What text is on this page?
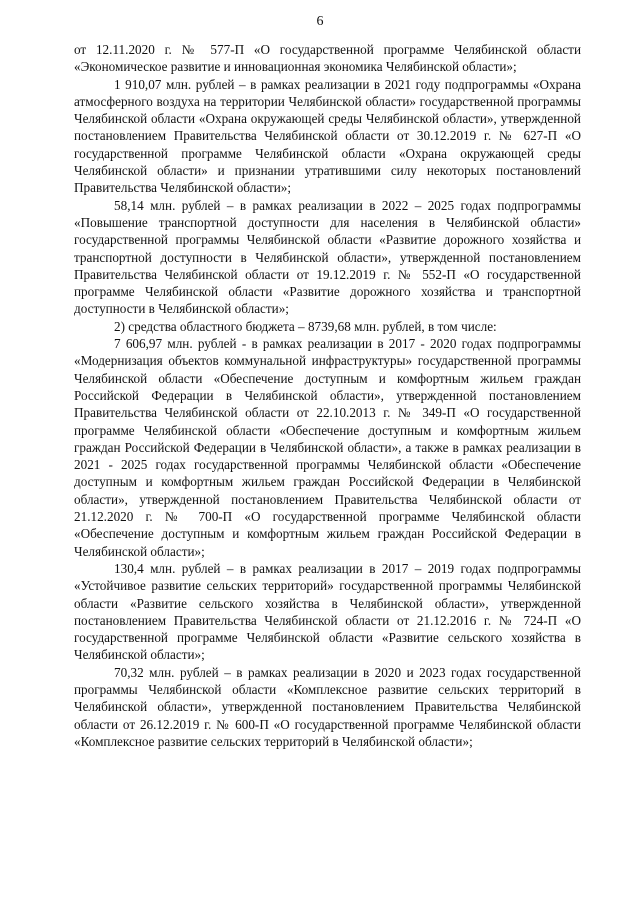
6

от 12.11.2020 г. № 577-П «О государственной программе Челябинской области «Экономическое развитие и инновационная экономика Челябинской области»;

1 910,07 млн. рублей – в рамках реализации в 2021 году подпрограммы «Охрана атмосферного воздуха на территории Челябинской области» государственной программы Челябинской области «Охрана окружающей среды Челябинской области», утвержденной постановлением Правительства Челябинской области от 30.12.2019 г. № 627-П «О государственной программе Челябинской области «Охрана окружающей среды Челябинской области» и признании утратившими силу некоторых постановлений Правительства Челябинской области»;

58,14 млн. рублей – в рамках реализации в 2022 – 2025 годах подпрограммы «Повышение транспортной доступности для населения в Челябинской области» государственной программы Челябинской области «Развитие дорожного хозяйства и транспортной доступности в Челябинской области», утвержденной постановлением Правительства Челябинской области от 19.12.2019 г. № 552-П «О государственной программе Челябинской области «Развитие дорожного хозяйства и транспортной доступности в Челябинской области»;

2) средства областного бюджета – 8739,68 млн. рублей, в том числе:

7 606,97 млн. рублей - в рамках реализации в 2017 - 2020 годах подпрограммы «Модернизация объектов коммунальной инфраструктуры» государственной программы Челябинской области «Обеспечение доступным и комфортным жильем граждан Российской Федерации в Челябинской области», утвержденной постановлением Правительства Челябинской области от 22.10.2013 г. № 349-П «О государственной программе Челябинской области «Обеспечение доступным и комфортным жильем граждан Российской Федерации в Челябинской области», а также в рамках реализации в 2021 - 2025 годах государственной программы Челябинской области «Обеспечение доступным и комфортным жильем граждан Российской Федерации в Челябинской области», утвержденной постановлением Правительства Челябинской области от 21.12.2020 г. № 700-П «О государственной программе Челябинской области «Обеспечение доступным и комфортным жильем граждан Российской Федерации в Челябинской области»;

130,4 млн. рублей – в рамках реализации в 2017 – 2019 годах подпрограммы «Устойчивое развитие сельских территорий» государственной программы Челябинской области «Развитие сельского хозяйства в Челябинской области», утвержденной постановлением Правительства Челябинской области от 21.12.2016 г. № 724-П «О государственной программе Челябинской области «Развитие сельского хозяйства в Челябинской области»;

70,32 млн. рублей – в рамках реализации в 2020 и 2023 годах государственной программы Челябинской области «Комплексное развитие сельских территорий в Челябинской области», утвержденной постановлением Правительства Челябинской области от 26.12.2019 г. № 600-П «О государственной программе Челябинской области «Комплексное развитие сельских территорий в Челябинской области»;
